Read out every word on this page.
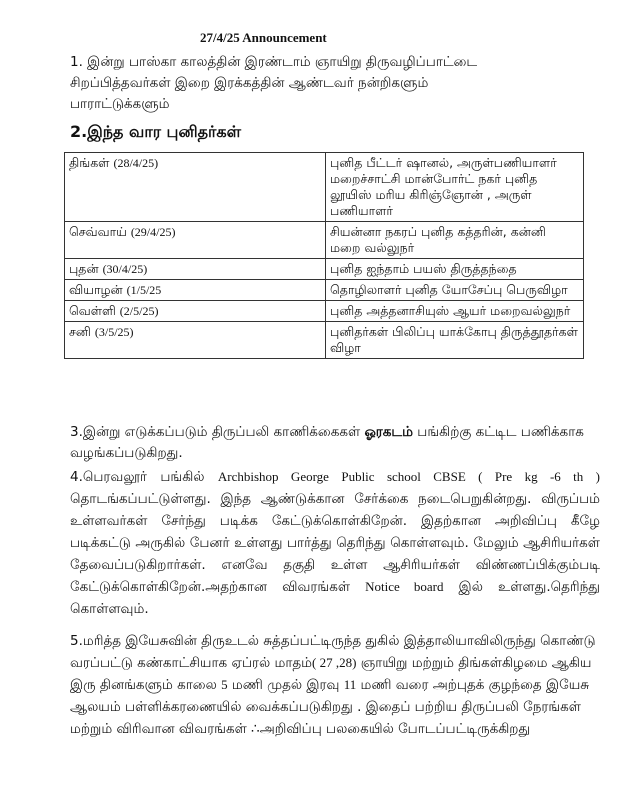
27/4/25 Announcement

1. இன்று பாஸ்கா காலத்தின் இரண்டாம் ஞாயிறு திருவழிப்பாட்டை
சிறப்பித்தவர்கள் இறை இரக்கத்தின் ஆண்டவர் நன்றிகளும்
பாராட்டுக்களும்

2.இந்த வார புனிதர்கள்
திங்கள் (28/4/25)	புனித பீட்டர் ஷானல், அருள்பணியாளர் மறைச்சாட்சி மான்போர்ட் நகர் புனித லூயிஸ் மரிய கிரிஞ்ஞோன் , அருள் பணியாளர்
செவ்வாய் (29/4/25)	சியன்னா நகரப் புனித கத்தரின், கன்னி மறை வல்லுநர்
புதன் (30/4/25)	புனித ஐந்தாம் பயஸ் திருத்தந்தை
வியாழன் (1/5/25	தொழிலாளர் புனித யோசேப்பு பெருவிழா
வெள்ளி (2/5/25)	புனித அத்தனாசியுஸ் ஆயர் மறைவல்லுநர்
சனி (3/5/25)	புனிதர்கள் பிலிப்பு யாக்கோபு திருத்தூதர்கள் விழா

3.இன்று எடுக்கப்படும் திருப்பலி காணிக்கைகள் ஓரகடம் பங்கிற்கு கட்டிட பணிக்காக வழங்கப்படுகிறது.

4.பெரவலூர் பங்கில் Archbishop George Public school CBSE ( Pre kg -6 th ) தொடங்கப்பட்டுள்ளது. இந்த ஆண்டுக்கான சேர்க்கை நடைபெறுகின்றது. விருப்பம் உள்ளவர்கள் சேர்ந்து படிக்க கேட்டுக்கொள்கிறேன். இதற்கான அறிவிப்பு கீழே படிக்கட்டு அருகில் பேனர் உள்ளது பார்த்து தெரிந்து கொள்ளவும். மேலும் ஆசிரியர்கள் தேவைப்படுகிறார்கள். எனவே தகுதி உள்ள ஆசிரியர்கள் விண்ணப்பிக்கும்படி கேட்டுக்கொள்கிறேன்.அதற்கான விவரங்கள் Notice board இல் உள்ளது.தெரிந்து கொள்ளவும்.

5.மரித்த இயேசுவின் திருஉடல் சுத்தப்பட்டிருந்த துகில் இத்தாலியாவிலிருந்து கொண்டு வரப்பட்டு கண்காட்சியாக ஏப்ரல் மாதம்( 27 ,28) ஞாயிறு மற்றும் திங்கள்கிழமை ஆகிய இரு தினங்களும் காலை 5 மணி முதல் இரவு 11 மணி வரை அற்புதக் குழந்தை இயேசு ஆலயம் பள்ளிக்கரணையில் வைக்கப்படுகிறது . இதைப் பற்றிய திருப்பலி நேரங்கள் மற்றும் விரிவான விவரங்கள் ∴அறிவிப்பு பலகையில் போடப்பட்டிருக்கிறது
